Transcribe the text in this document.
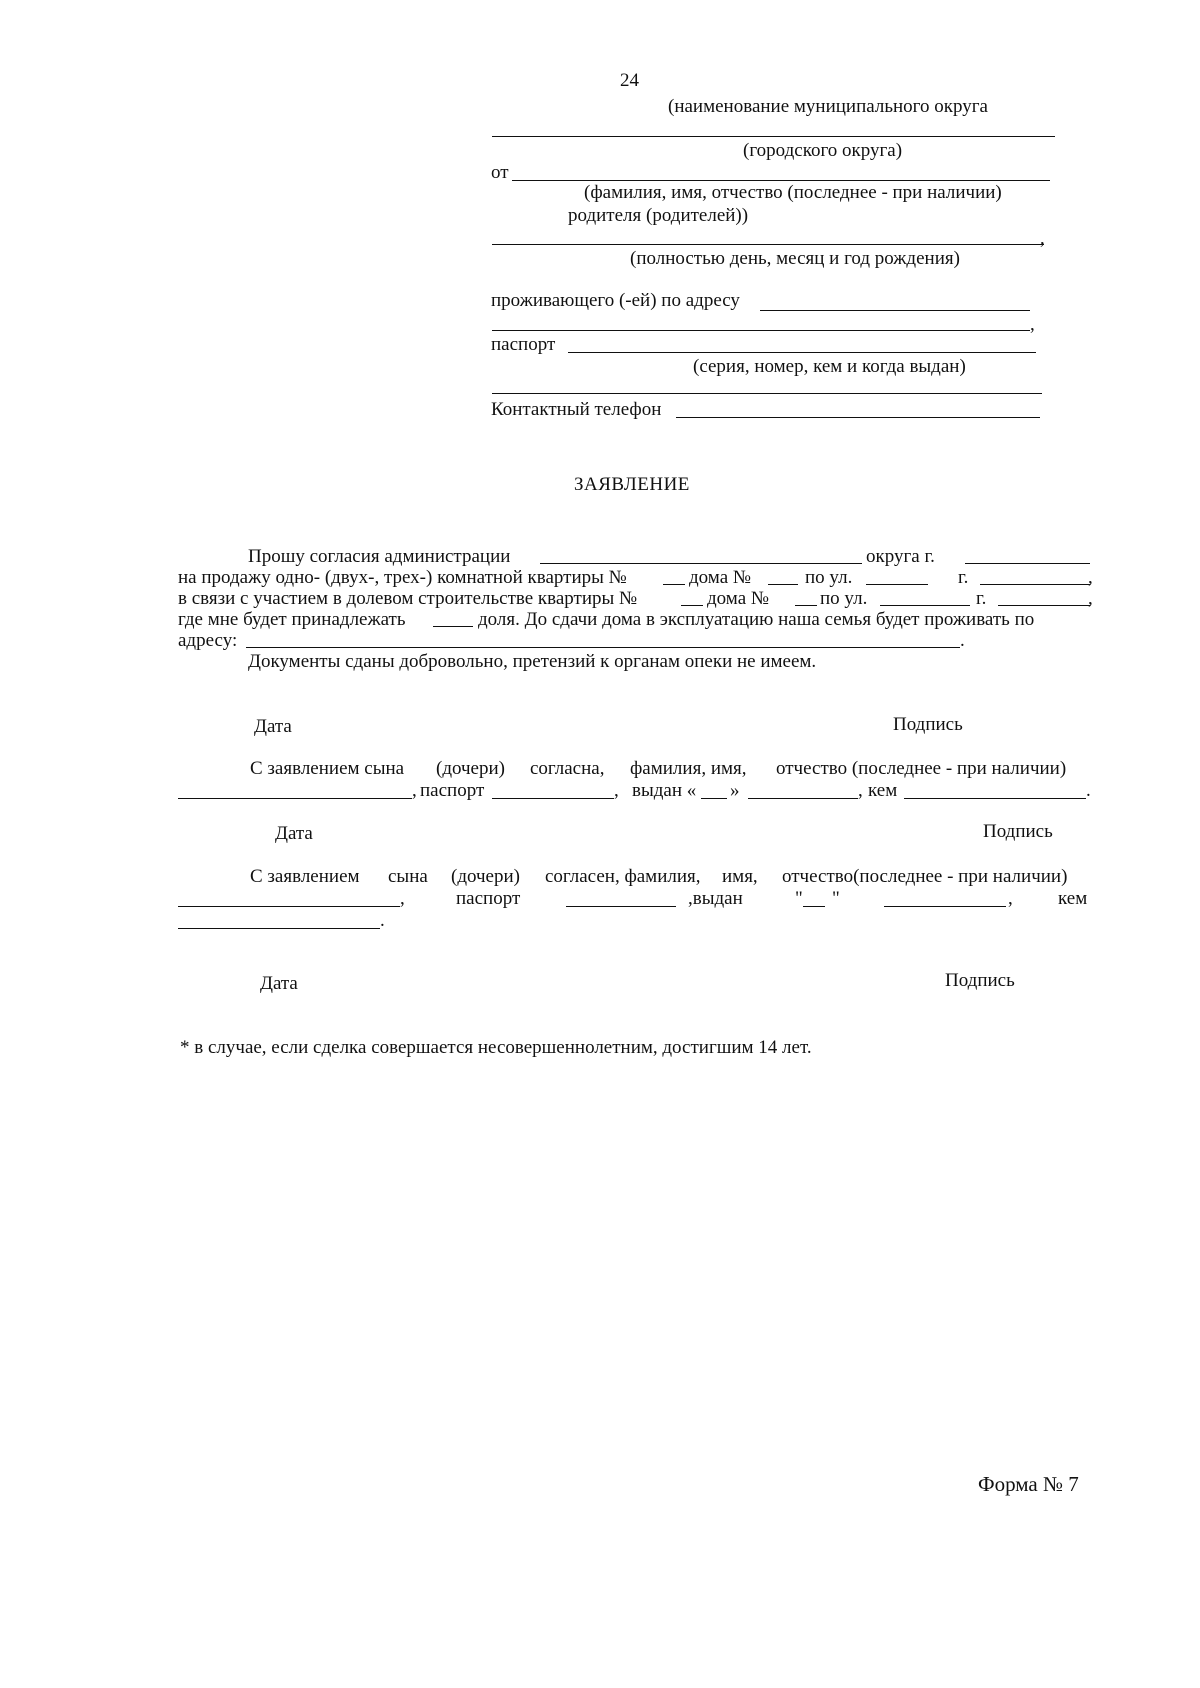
24
(наименование муниципального округа
(городского округа)
от
(фамилия, имя, отчество (последнее - при наличии)
родителя (родителей))
,
(полностью день, месяц и год рождения)
проживающего (-ей) по адресу
,
паспорт
(серия, номер, кем и когда выдан)
Контактный телефон
ЗАЯВЛЕНИЕ
Прошу согласия администрации	округа г.
на продажу одно- (двух-, трех-) комнатной квартиры №	дома №	по ул.	г.	,
в связи с участием в долевом строительстве квартиры №	дома №	по ул.	г.	,
где мне будет принадлежать	доля. До сдачи дома в эксплуатацию наша семья будет проживать по
адресу:	.
Документы сданы добровольно, претензий к органам опеки не имеем.
Дата	Подпись
С заявлением сына (дочери) согласна, фамилия, имя, отчество (последнее - при наличии)
, паспорт	, выдан « »	, кем	.
Дата	Подпись
С заявлением сына (дочери) согласен, фамилия, имя, отчество(последнее - при наличии)
,	паспорт	,выдан	" "	, кем
.
Дата	Подпись
* в случае, если сделка совершается несовершеннолетним, достигшим 14 лет.
Форма № 7
